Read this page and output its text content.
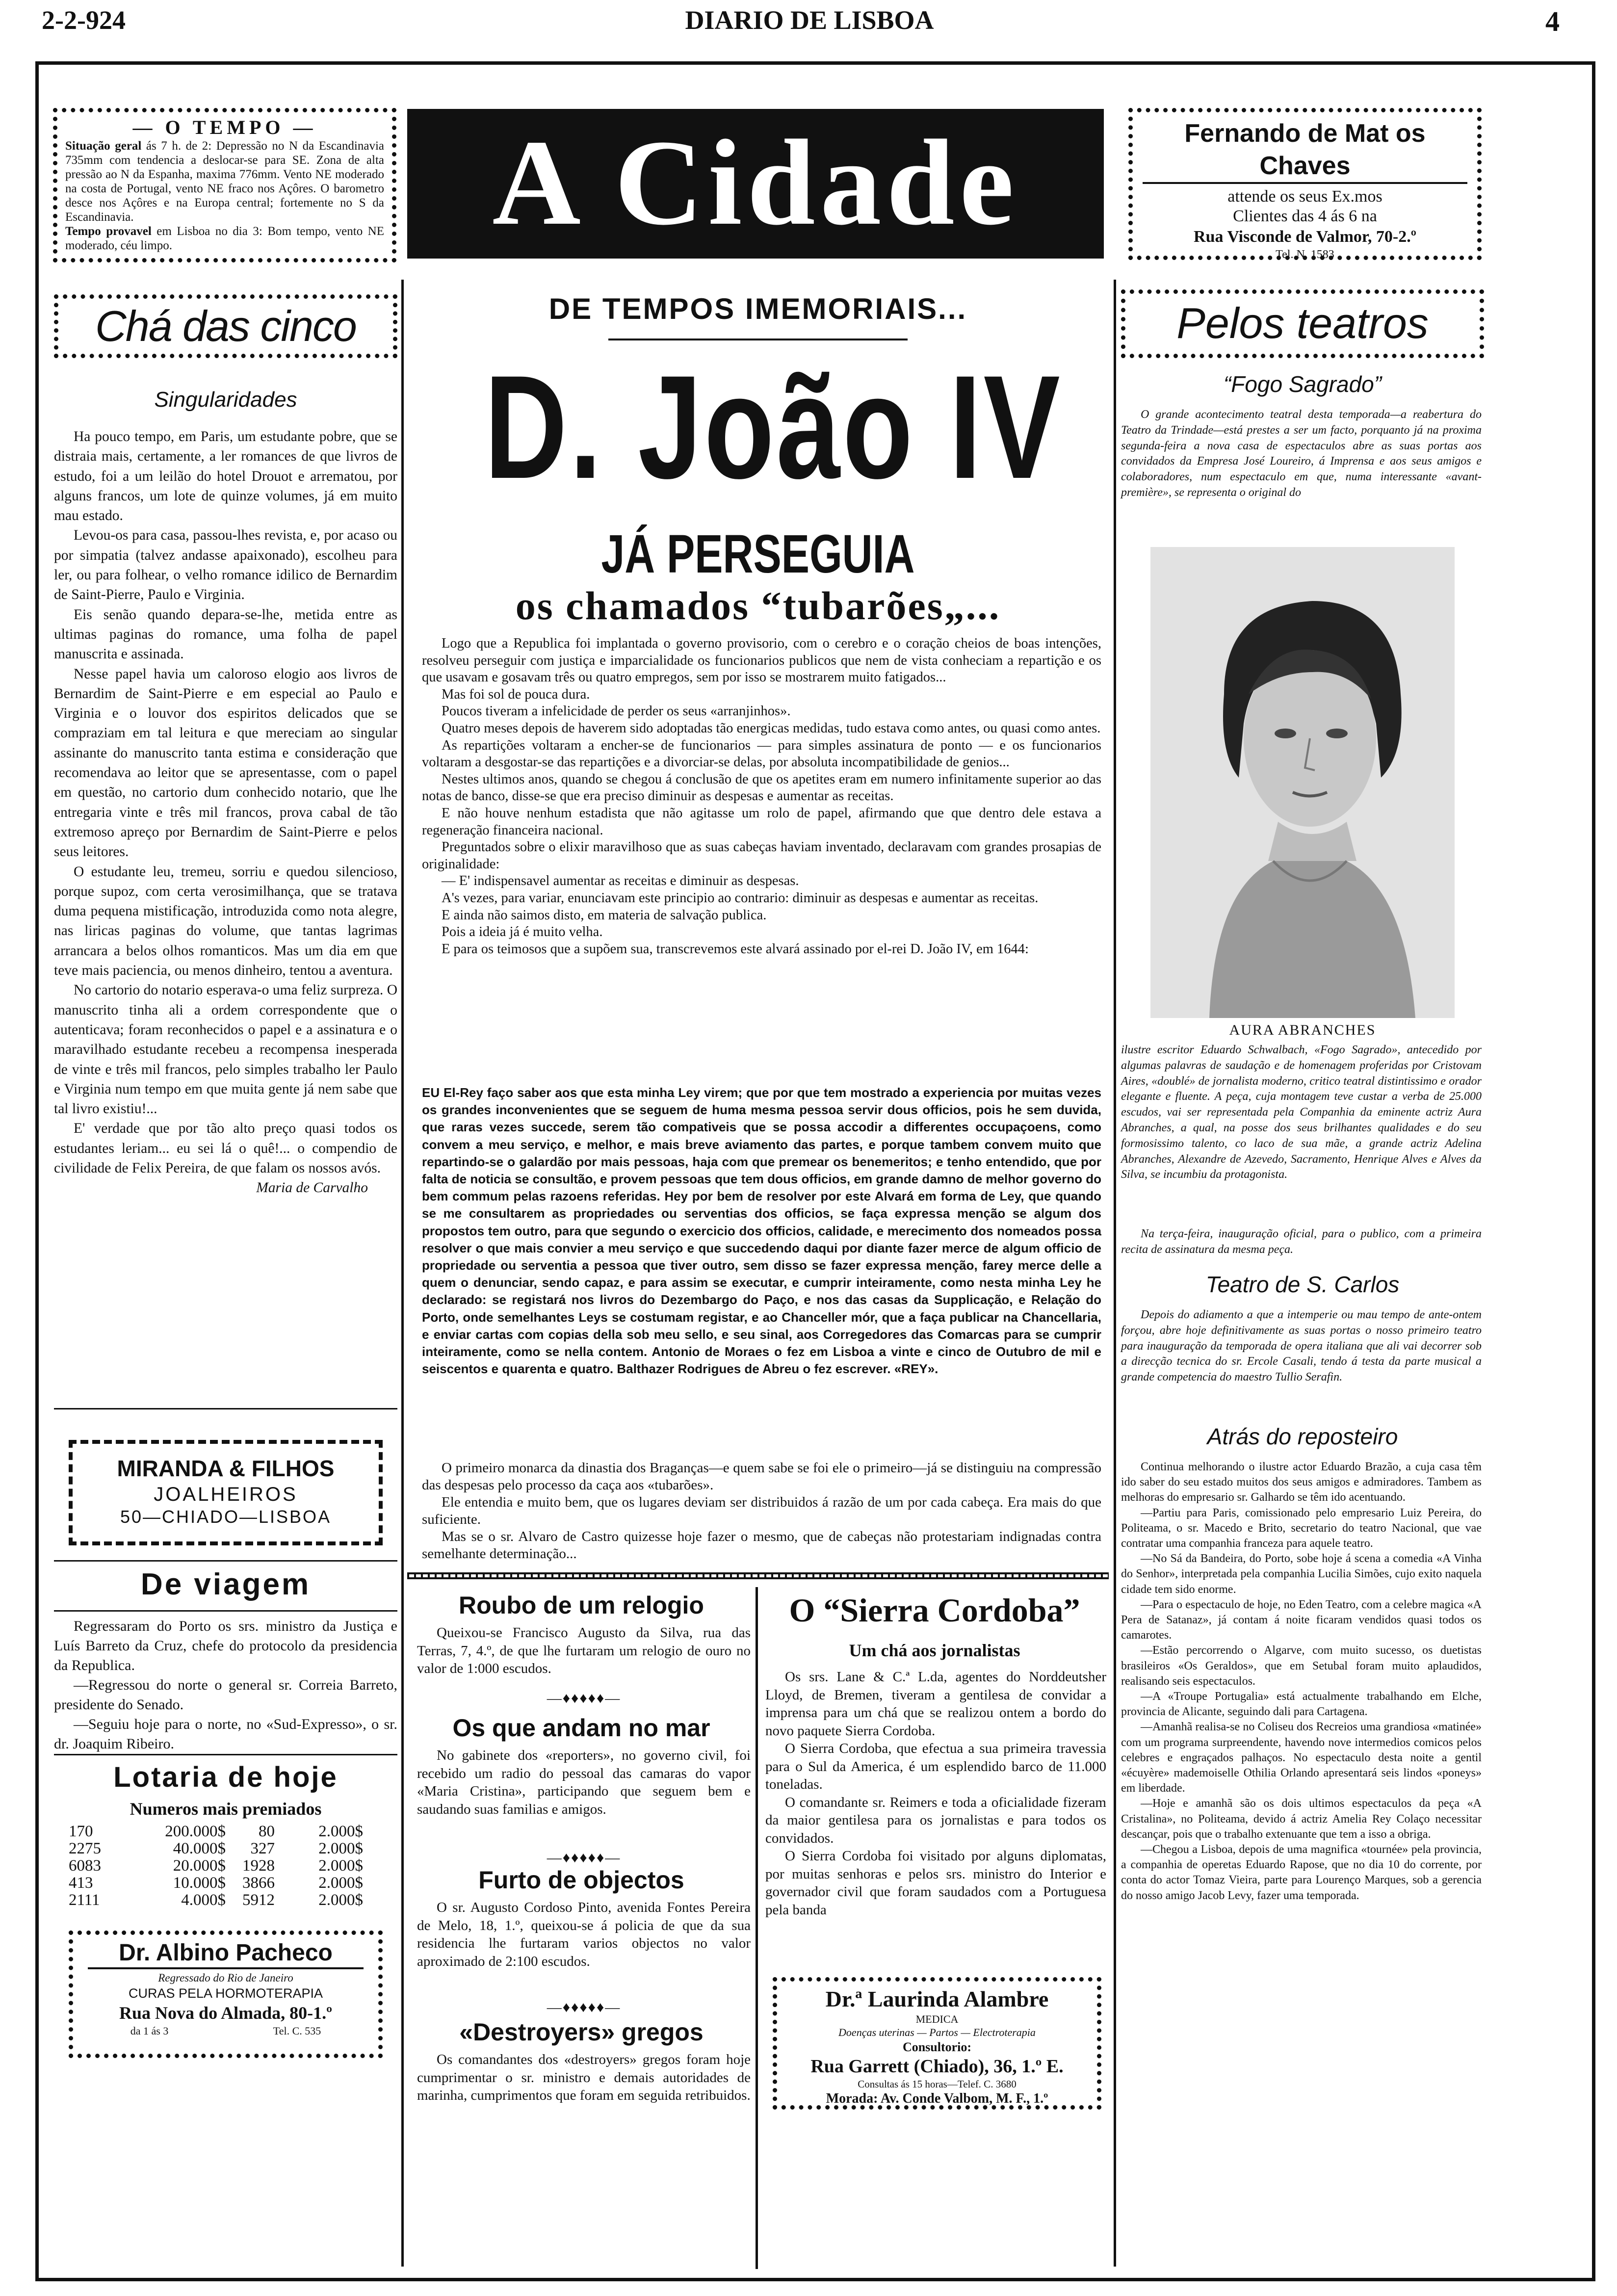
2-2-924	DIARIO DE LISBOA	4
— O TEMPO —
Situação geral ás 7 h. de 2: Depressão no N da Escandinavia 735mm com tendencia a deslocar-se para SE. Zona de alta pressão ao N da Espanha, maxima 776mm. Vento NE moderado na costa de Portugal, vento NE fraco nos Açôres. O barometro desce nos Açôres e na Europa central; fortemente no S da Escandinavia.
Tempo provavel em Lisboa no dia 3: Bom tempo, vento NE moderado, céu limpo.	A Cidade	Fernando de Mat os Chaves
attende os seus Ex.mos
Clientes das 4 ás 6 na
Rua Visconde de Valmor, 70-2.º
Tel. N. 1583
Chá das cinco
Singularidades

Ha pouco tempo, em Paris, um estudante pobre, que se distraia mais, certamente, a ler romances de que livros de estudo, foi a um leilão do hotel Drouot e arrematou, por alguns francos, um lote de quinze volumes, já em muito mau estado.

Levou-os para casa, passou-lhes revista, e, por acaso ou por simpatia (talvez andasse apaixonado), escolheu para ler, ou para folhear, o velho romance idilico de Bernardim de Saint-Pierre, Paulo e Virginia.

Eis senão quando depara-se-lhe, metida entre as ultimas paginas do romance, uma folha de papel manuscrita e assinada.

Nesse papel havia um caloroso elogio aos livros de Bernardim de Saint-Pierre e em especial ao Paulo e Virginia e o louvor dos espiritos delicados que se compraziam em tal leitura e que mereciam ao singular assinante do manuscrito tanta estima e consideração que recomendava ao leitor que se apresentasse, com o papel em questão, no cartorio dum conhecido notario, que lhe entregaria vinte e três mil francos, prova cabal de tão extremoso apreço por Bernardim de Saint-Pierre e pelos seus leitores.

O estudante leu, tremeu, sorriu e quedou silencioso, porque supoz, com certa verosimilhança, que se tratava duma pequena mistificação, introduzida como nota alegre, nas liricas paginas do volume, que tantas lagrimas arrancara a belos olhos romanticos. Mas um dia em que teve mais paciencia, ou menos dinheiro, tentou a aventura.

No cartorio do notario esperava-o uma feliz surpreza. O manuscrito tinha ali a ordem correspondente que o autenticava; foram reconhecidos o papel e a assinatura e o maravilhado estudante recebeu a recompensa inesperada de vinte e três mil francos, pelo simples trabalho ler Paulo e Virginia num tempo em que muita gente já nem sabe que tal livro existiu!...

E' verdade que por tão alto preço quasi todos os estudantes leriam... eu sei lá o quê!... o compendio de civilidade de Felix Pereira, de que falam os nossos avós.

Maria de Carvalho
MIRANDA & FILHOS
JOALHEIROS
50—CHIADO—LISBOA
De viagem

Regressaram do Porto os srs. ministro da Justiça e Luís Barreto da Cruz, chefe do protocolo da presidencia da Republica.

—Regressou do norte o general sr. Correia Barreto, presidente do Senado.

—Seguiu hoje para o norte, no «Sud-Expresso», o sr. dr. Joaquim Ribeiro.

Lotaria de hoje
Numeros mais premiados
170	200.000$	80	2.000$
2275	40.000$	327	2.000$
6083	20.000$	1928	2.000$
413	10.000$	3866	2.000$
2111	4.000$	5912	2.000$
Dr. Albino Pacheco
Regressado do Rio de Janeiro
CURAS PELA HORMOTERAPIA
Rua Nova do Almada, 80-1.º
da 1 ás 3	Tel. C. 535
DE TEMPOS IMEMORIAIS...
D. João IV
JÁ PERSEGUIA
os chamados “tubarões„...

Logo que a Republica foi implantada o governo provisorio, com o cerebro e o coração cheios de boas intenções, resolveu perseguir com justiça e imparcialidade os funcionarios publicos que nem de vista conheciam a repartição e os que usavam e gosavam três ou quatro empregos, sem por isso se mostrarem muito fatigados...

Mas foi sol de pouca dura.

Poucos tiveram a infelicidade de perder os seus «arranjinhos».

Quatro meses depois de haverem sido adoptadas tão energicas medidas, tudo estava como antes, ou quasi como antes.

As repartições voltaram a encher-se de funcionarios — para simples assinatura de ponto — e os funcionarios voltaram a desgostar-se das repartições e a divorciar-se delas, por absoluta incompatibilidade de genios...

Nestes ultimos anos, quando se chegou á conclusão de que os apetites eram em numero infinitamente superior ao das notas de banco, disse-se que era preciso diminuir as despesas e aumentar as receitas.

E não houve nenhum estadista que não agitasse um rolo de papel, afirmando que que dentro dele estava a regeneração financeira nacional.

Preguntados sobre o elixir maravilhoso que as suas cabeças haviam inventado, declaravam com grandes prosapias de originalidade:

— E' indispensavel aumentar as receitas e diminuir as despesas.

A's vezes, para variar, enunciavam este principio ao contrario: diminuir as despesas e aumentar as receitas.

E ainda não saimos disto, em materia de salvação publica.

Pois a ideia já é muito velha.

E para os teimosos que a supõem sua, transcrevemos este alvará assinado por el-rei D. João IV, em 1644:

EU El-Rey faço saber aos que esta minha Ley virem; que por que tem mostrado a experiencia por muitas vezes os grandes inconvenientes que se seguem de huma mesma pessoa servir dous officios, pois he sem duvida, que raras vezes succede, serem tão compativeis que se possa accodir a differentes occupaçoens, como convem a meu serviço, e melhor, e mais breve aviamento das partes, e porque tambem convem muito que repartindo-se o galardão por mais pessoas, haja com que premear os benemeritos; e tenho entendido, que por falta de noticia se consultão, e provem pessoas que tem dous officios, em grande damno de melhor governo do bem commum pelas razoens referidas. Hey por bem de resolver por este Alvará em forma de Ley, que quando se me consultarem as propriedades ou serventias dos officios, se faça expressa menção se algum dos propostos tem outro, para que segundo o exercicio dos officios, calidade, e merecimento dos nomeados possa resolver o que mais convier a meu serviço e que succedendo daqui por diante fazer merce de algum officio de propriedade ou serventia a pessoa que tiver outro, sem disso se fazer expressa menção, farey merce delle a quem o denunciar, sendo capaz, e para assim se executar, e cumprir inteiramente, como nesta minha Ley he declarado: se registará nos livros do Dezembargo do Paço, e nos das casas da Supplicação, e Relação do Porto, onde semelhantes Leys se costumam registar, e ao Chanceller mór, que a faça publicar na Chancellaria, e enviar cartas com copias della sob meu sello, e seu sinal, aos Corregedores das Comarcas para se cumprir inteiramente, como se nella contem. Antonio de Moraes o fez em Lisboa a vinte e cinco de Outubro de mil e seiscentos e quarenta e quatro. Balthazer Rodrigues de Abreu o fez escrever. «REY».

O primeiro monarca da dinastia dos Braganças—e quem sabe se foi ele o primeiro—já se distinguiu na compressão das despesas pelo processo da caça aos «tubarões».

Ele entendia e muito bem, que os lugares deviam ser distribuidos á razão de um por cada cabeça. Era mais do que suficiente.

Mas se o sr. Alvaro de Castro quizesse hoje fazer o mesmo, que de cabeças não protestariam indignadas contra semelhante determinação...

Roubo de um relogio
Queixou-se Francisco Augusto da Silva, rua das Terras, 7, 4.º, de que lhe furtaram um relogio de ouro no valor de 1:000 escudos.
—♦♦♦♦♦—
Os que andam no mar
No gabinete dos «reporters», no governo civil, foi recebido um radio do pessoal das camaras do vapor «Maria Cristina», participando que seguem bem e saudando suas familias e amigos.
—♦♦♦♦♦—
Furto de objectos
O sr. Augusto Cordoso Pinto, avenida Fontes Pereira de Melo, 18, 1.º, queixou-se á policia de que da sua residencia lhe furtaram varios objectos no valor aproximado de 2:100 escudos.
—♦♦♦♦♦—
«Destroyers» gregos
Os comandantes dos «destroyers» gregos foram hoje cumprimentar o sr. ministro e demais autoridades de marinha, cumprimentos que foram em seguida retribuidos.
O “Sierra Cordoba”
Um chá aos jornalistas

Os srs. Lane & C.ª L.da, agentes do Norddeutsher Lloyd, de Bremen, tiveram a gentilesa de convidar a imprensa para um chá que se realizou ontem a bordo do novo paquete Sierra Cordoba.

O Sierra Cordoba, que efectua a sua primeira travessia para o Sul da America, é um esplendido barco de 11.000 toneladas.

O comandante sr. Reimers e toda a oficialidade fizeram da maior gentilesa para os jornalistas e para todos os convidados.

O Sierra Cordoba foi visitado por alguns diplomatas, por muitas senhoras e pelos srs. ministro do Interior e governador civil que foram saudados com a Portuguesa pela banda

Dr.ª Laurinda Alambre
MEDICA
Doenças uterinas — Partos — Electroterapia
Consultorio:
Rua Garrett (Chiado), 36, 1.º E.
Consultas ás 15 horas—Telef. C. 3680
Morada: Av. Conde Valbom, M. F., 1.º
Pelos teatros
“Fogo Sagrado”
O grande acontecimento teatral desta temporada—a reabertura do Teatro da Trindade—está prestes a ser um facto, porquanto já na proxima segunda-feira a nova casa de espectaculos abre as suas portas aos convidados da Empresa José Loureiro, á Imprensa e aos seus amigos e colaboradores, num espectaculo em que, numa interessante «avant-première», se representa o original do
AURA ABRANCHES
ilustre escritor Eduardo Schwalbach, «Fogo Sagrado», antecedido por algumas palavras de saudação e de homenagem proferidas por Cristovam Aires, «doublé» de jornalista moderno, critico teatral distintissimo e orador elegante e fluente. A peça, cuja montagem teve custar a verba de 25.000 escudos, vai ser representada pela Companhia da eminente actriz Aura Abranches, a qual, na posse dos seus brilhantes qualidades e do seu formosissimo talento, co laco de sua mãe, a grande actriz Adelina Abranches, Alexandre de Azevedo, Sacramento, Henrique Alves e Alves da Silva, se incumbiu da protagonista.
Na terça-feira, inauguração oficial, para o publico, com a primeira recita de assinatura da mesma peça.
Teatro de S. Carlos
Depois do adiamento a que a intemperie ou mau tempo de ante-ontem forçou, abre hoje definitivamente as suas portas o nosso primeiro teatro para inauguração da temporada de opera italiana que ali vai decorrer sob a direcção tecnica do sr. Ercole Casali, tendo á testa da parte musical a grande competencia do maestro Tullio Serafin.
Atrás do reposteiro

Continua melhorando o ilustre actor Eduardo Brazão, a cuja casa têm ido saber do seu estado muitos dos seus amigos e admiradores. Tambem as melhoras do empresario sr. Galhardo se têm ido acentuando.

—Partiu para Paris, comissionado pelo empresario Luiz Pereira, do Politeama, o sr. Macedo e Brito, secretario do teatro Nacional, que vae contratar uma companhia franceza para aquele teatro.

—No Sá da Bandeira, do Porto, sobe hoje á scena a comedia «A Vinha do Senhor», interpretada pela companhia Lucilia Simões, cujo exito naquela cidade tem sido enorme.

—Para o espectaculo de hoje, no Eden Teatro, com a celebre magica «A Pera de Satanaz», já contam á noite ficaram vendidos quasi todos os camarotes.

—Estão percorrendo o Algarve, com muito sucesso, os duetistas brasileiros «Os Geraldos», que em Setubal foram muito aplaudidos, realisando seis espectaculos.

—A «Troupe Portugalia» está actualmente trabalhando em Elche, provincia de Alicante, seguindo dali para Cartagena.

—Amanhã realisa-se no Coliseu dos Recreios uma grandiosa «matinée» com um programa surpreendente, havendo nove intermedios comicos pelos celebres e engraçados palhaços. No espectaculo desta noite a gentil «écuyère» mademoiselle Othilia Orlando apresentará seis lindos «poneys» em liberdade.

—Hoje e amanhã são os dois ultimos espectaculos da peça «A Cristalina», no Politeama, devido á actriz Amelia Rey Colaço necessitar descançar, pois que o trabalho extenuante que tem a isso a obriga.

—Chegou a Lisboa, depois de uma magnifica «tournée» pela provincia, a companhia de operetas Eduardo Rapose, que no dia 10 do corrente, por conta do actor Tomaz Vieira, parte para Lourenço Marques, sob a gerencia do nosso amigo Jacob Levy, fazer uma temporada.
